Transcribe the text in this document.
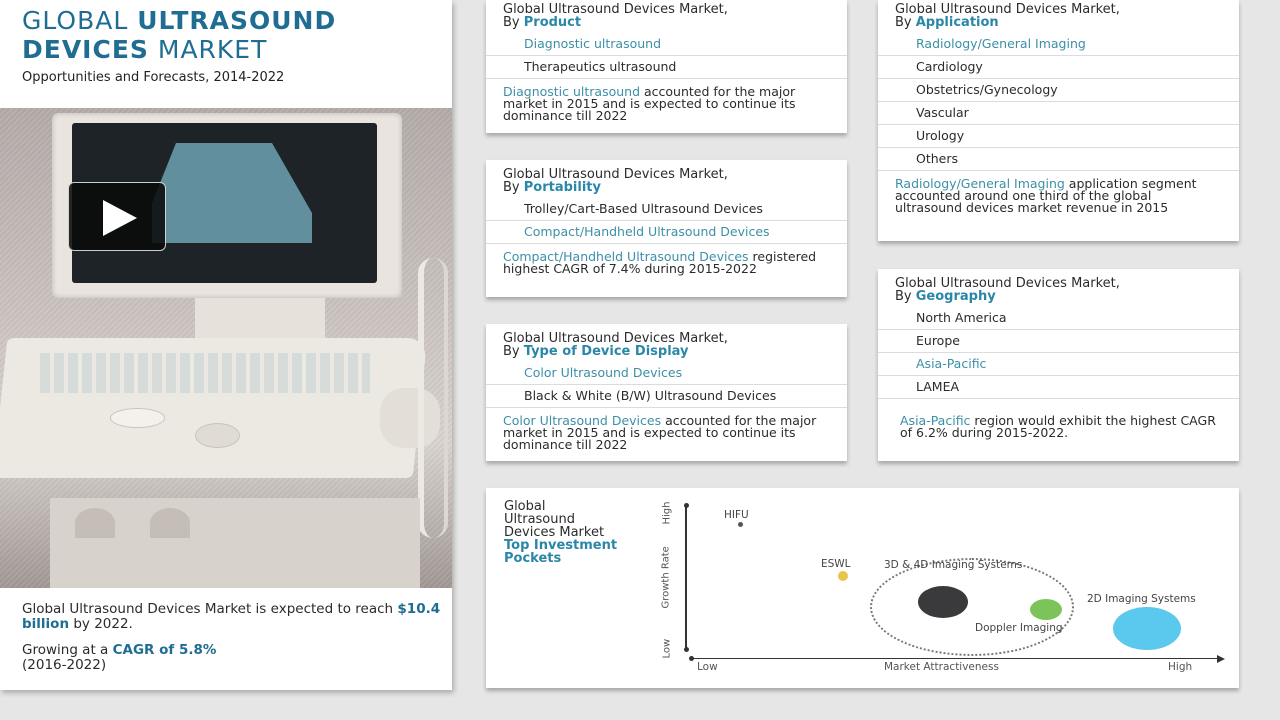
GLOBAL ULTRASOUND
DEVICES MARKET
Opportunities and Forecasts, 2014-2022

Global Ultrasound Devices Market is expected to reach $10.4 billion by 2022.

Growing at a CAGR of 5.8%
(2016-2022)

Global Ultrasound Devices Market,
By Product
Diagnostic ultrasound
Therapeutics ultrasound
Diagnostic ultrasound accounted for the major market in 2015 and is expected to continue its dominance till 2022
Global Ultrasound Devices Market,
By Portability
Trolley/Cart-Based Ultrasound Devices
Compact/Handheld Ultrasound Devices
Compact/Handheld Ultrasound Devices registered highest CAGR of 7.4% during 2015-2022
Global Ultrasound Devices Market,
By Type of Device Display
Color Ultrasound Devices
Black & White (B/W) Ultrasound Devices
Color Ultrasound Devices accounted for the major market in 2015 and is expected to continue its dominance till 2022
Global Ultrasound Devices Market,
By Application
Radiology/General Imaging
Cardiology
Obstetrics/Gynecology
Vascular
Urology
Others
Radiology/General Imaging application segment accounted around one third of the global ultrasound devices market revenue in 2015
Global Ultrasound Devices Market,
By Geography
North America
Europe
Asia-Pacific
LAMEA
Asia-Pacific region would exhibit the highest CAGR of 6.2% during 2015-2022.
Global
Ultrasound
Devices Market
Top Investment
Pockets
High
Growth Rate
Low
Low	Market Attractiveness	High
HIFU
ESWL	3D & 4D Imaging Systems
Doppler Imaging
2D Imaging Systems
